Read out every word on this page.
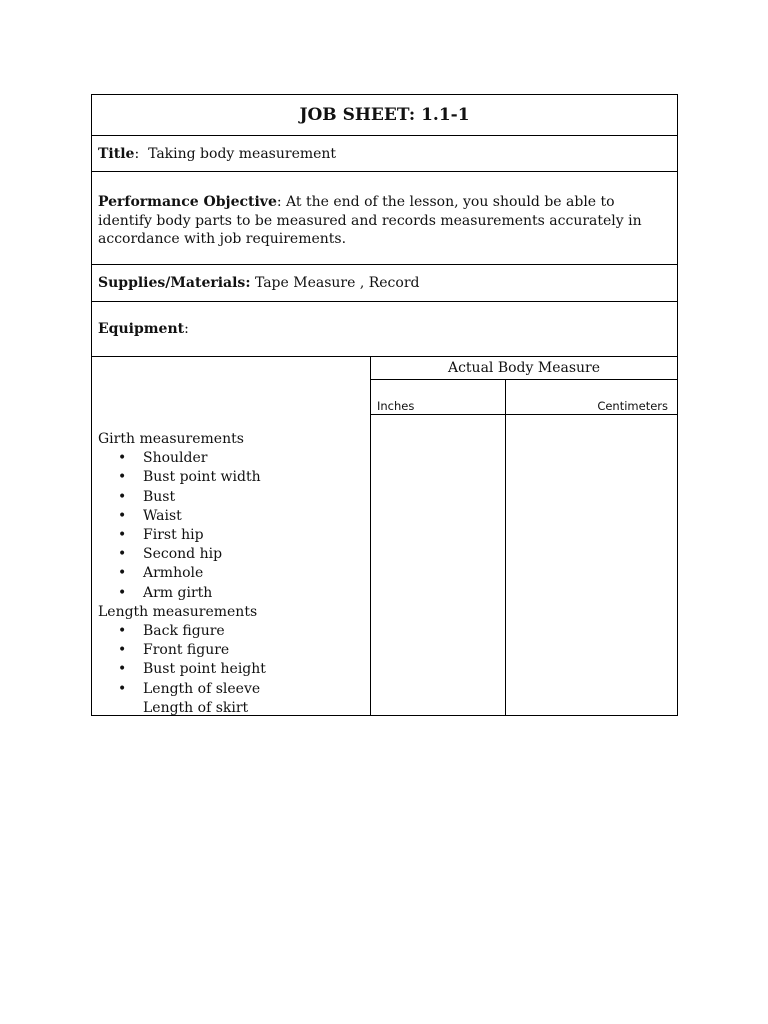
JOB SHEET: 1.1-1
Title : Taking body measurement
Performance Objective: At the end of the lesson, you should be able to identify body parts to be measured and records measurements accurately in accordance with job requirements.
Supplies/Materials:
Tape Measure , Record
Equipment :
Girth measurements
• Shoulder
• Bust point width
• Bust
• Waist
• First hip
• Second hip
• Armhole
• Arm girth
Length measurements
• Back figure
• Front figure
• Bust point height
• Length of sleeve
Length of skirt
Actual Body Measure
Inches	Centimeters
